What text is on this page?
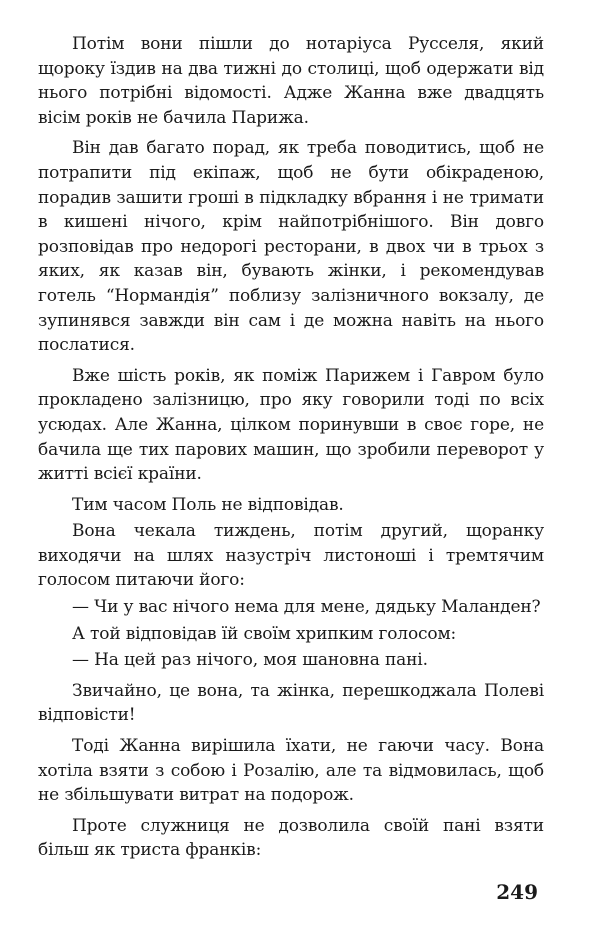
Потім вони пішли до нотаріуса Русселя, який щороку їздив на два тижні до столиці, щоб одержати від нього потрібні відомості. Адже Жанна вже двадцять вісім років не бачила Парижа.

Він дав багато порад, як треба поводитись, щоб не потрапити під екіпаж, щоб не бути обікраденою, порадив зашити гроші в підкладку вбрання і не тримати в кишені нічого, крім найпотрібнішого. Він довго розповідав про недорогі ресторани, в двох чи в трьох з яких, як казав він, бувають жінки, і рекомендував готель “Нормандія” поблизу залізничного вокзалу, де зупинявся завжди він сам і де можна навіть на нього послатися.

Вже шість років, як поміж Парижем і Гавром було прокладено залізницю, про яку говорили тоді по всіх усюдах. Але Жанна, цілком поринувши в своє горе, не бачила ще тих парових машин, що зробили переворот у житті всієї країни.

Тим часом Поль не відповідав.

Вона чекала тиждень, потім другий, щоранку виходячи на шлях назустріч листоноші і тремтячим голосом питаючи його:

— Чи у вас нічого нема для мене, дядьку Маланден?

А той відповідав їй своїм хрипким голосом:

— На цей раз нічого, моя шановна пані.

Звичайно, це вона, та жінка, перешкоджала Полеві відповісти!

Тоді Жанна вирішила їхати, не гаючи часу. Вона хотіла взяти з собою і Розалію, але та відмовилась, щоб не збільшувати витрат на подорож.

Проте служниця не дозволила своїй пані взяти більш як триста франків:

249
